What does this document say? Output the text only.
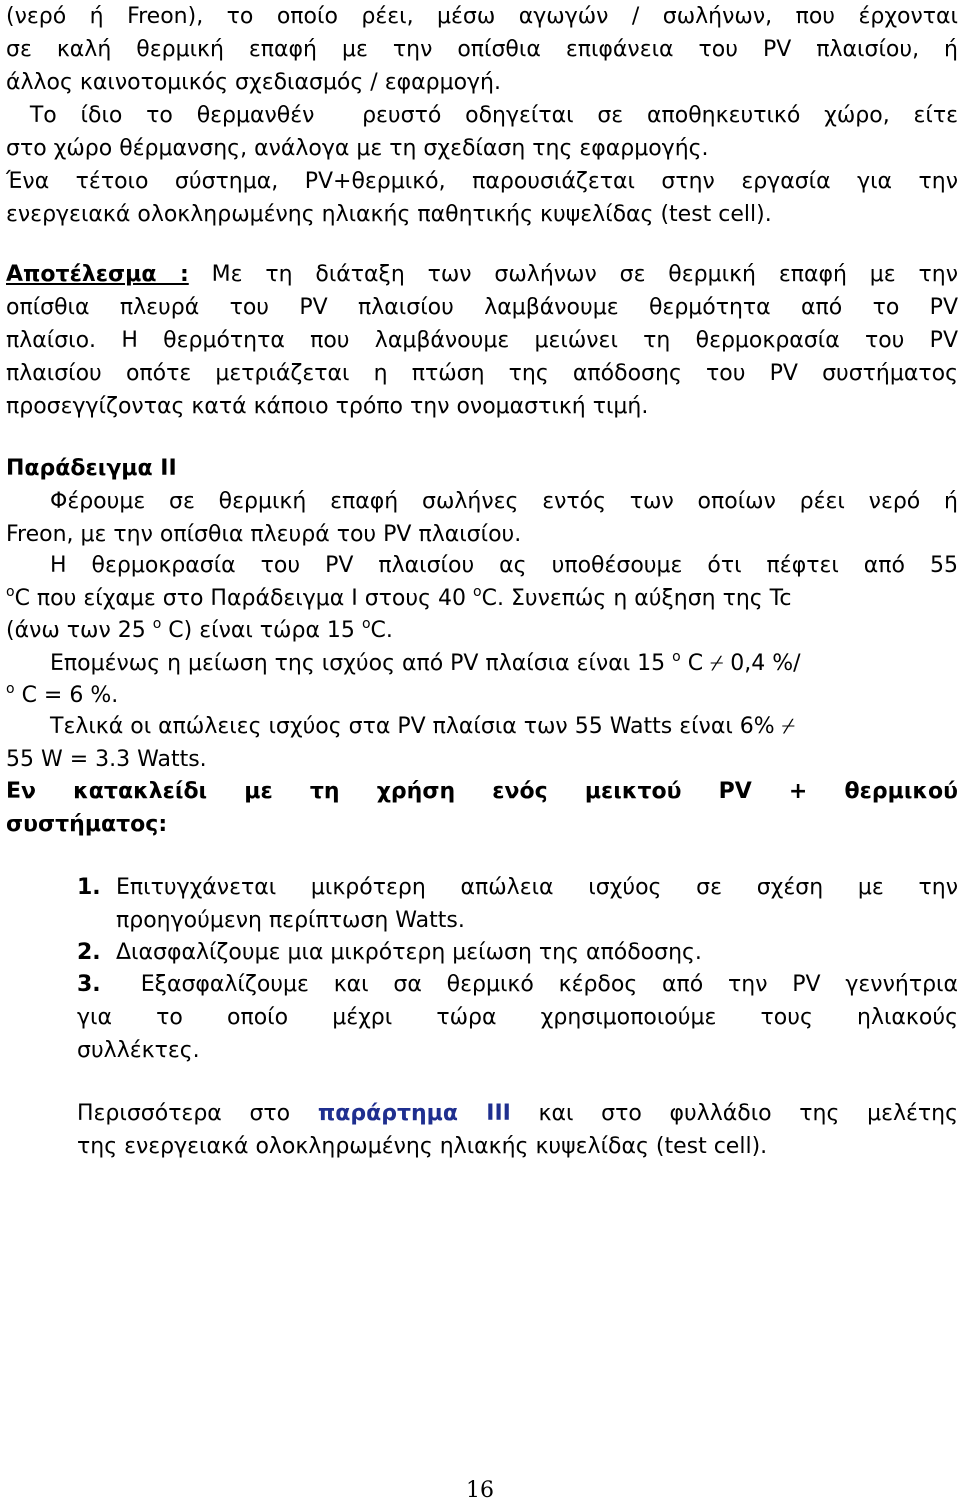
(νερό ή Freon), το οποίο ρέει, μέσω αγωγών / σωλήνων, που έρχονται
σε καλή θερμική επαφή με την οπίσθια επιφάνεια του PV πλαισίου, ή
άλλος καινοτομικός σχεδιασμός / εφαρμογή.
Το ίδιο το θερμανθέν  ρευστό οδηγείται σε αποθηκευτικό χώρο, είτε
στο χώρο θέρμανσης, ανάλογα με τη σχεδίαση της εφαρμογής.
Ένα τέτοιο σύστημα, PV+θερμικό, παρουσιάζεται στην εργασία για την
ενεργειακά ολοκληρωμένης ηλιακής παθητικής κυψελίδας (test cell).
Αποτέλεσμα : Με τη διάταξη των σωλήνων σε θερμική επαφή με την
οπίσθια πλευρά του PV πλαισίου λαμβάνουμε θερμότητα από το PV
πλαίσιο. Η θερμότητα που λαμβάνουμε μειώνει τη θερμοκρασία του PV
πλαισίου οπότε μετριάζεται η πτώση της απόδοσης του PV συστήματος
προσεγγίζοντας κατά κάποιο τρόπο την ονομαστική τιμή.
Παράδειγμα ΙΙ
Φέρουμε σε θερμική επαφή σωλήνες εντός των οποίων ρέει νερό ή
Freon, με την οπίσθια πλευρά του PV πλαισίου.
Η θερμοκρασία του PV πλαισίου ας υποθέσουμε ότι πέφτει από 55
$^o$C που είχαμε στο Παράδειγμα Ι στους 40 $^o$C. Συνεπώς η αύξηση της Tc
(άνω των 25 $^o$ C) είναι τώρα 15 $^o$C.
Επομένως η μείωση της ισχύος από PV πλαίσια είναι 15 $^o$ C ⌿ 0,4 %/
$^o$ C = 6 %.
Τελικά οι απώλειες ισχύος στα PV πλαίσια των 55 Watts είναι 6% ⌿
55 W = 3.3 Watts.
Εν κατακλείδι με τη χρήση ενός μεικτού PV + θερμικού
συστήματος:
1. Επιτυγχάνεται μικρότερη απώλεια ισχύος σε σχέση με την
προηγούμενη περίπτωση Watts.
2. Διασφαλίζουμε μια μικρότερη μείωση της απόδοσης.
3. Εξασφαλίζουμε και σα θερμικό κέρδος από την PV γεννήτρια
για το οποίο μέχρι τώρα χρησιμοποιούμε τους ηλιακούς
συλλέκτες.
Περισσότερα στο παράρτημα ΙΙΙ και στο φυλλάδιο της μελέτης
της ενεργειακά ολοκληρωμένης ηλιακής κυψελίδας (test cell).
16
